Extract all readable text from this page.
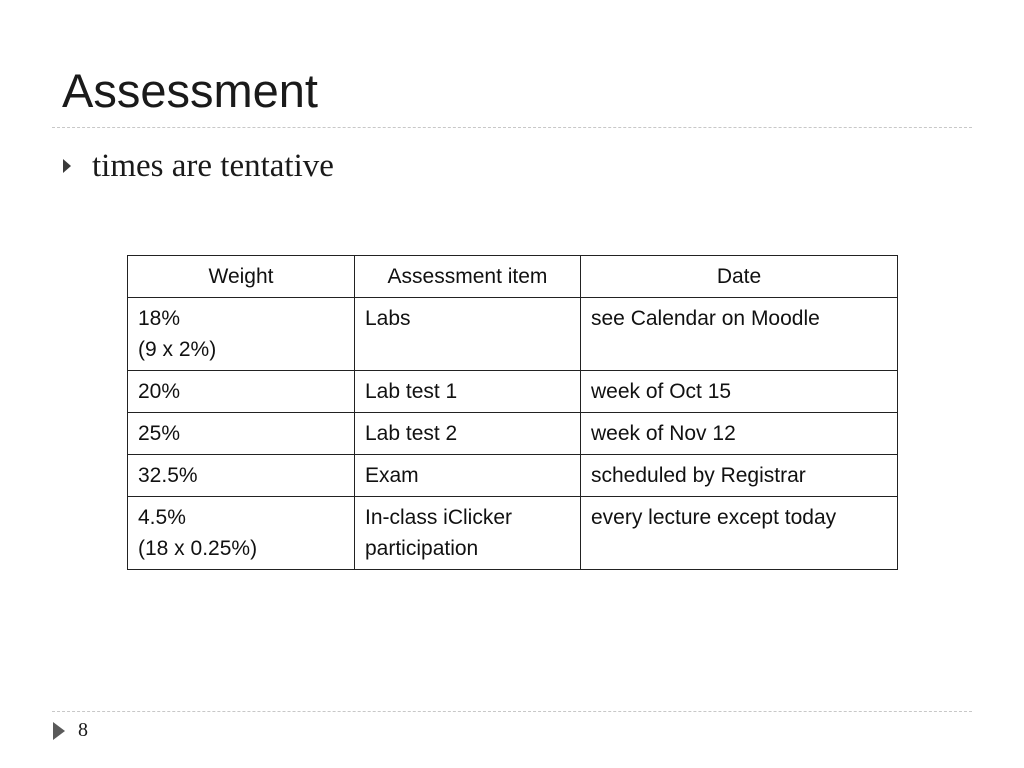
Assessment
times are tentative
Weight	Assessment item	Date

18%
(9 x 2%)	Labs	see Calendar on Moodle

20%	Lab test 1	week of Oct 15

25%	Lab test 2	week of Nov 12

32.5%	Exam	scheduled by Registrar

4.5%
(18 x 0.25%)	In-class iClicker
participation	every lecture except today
8
